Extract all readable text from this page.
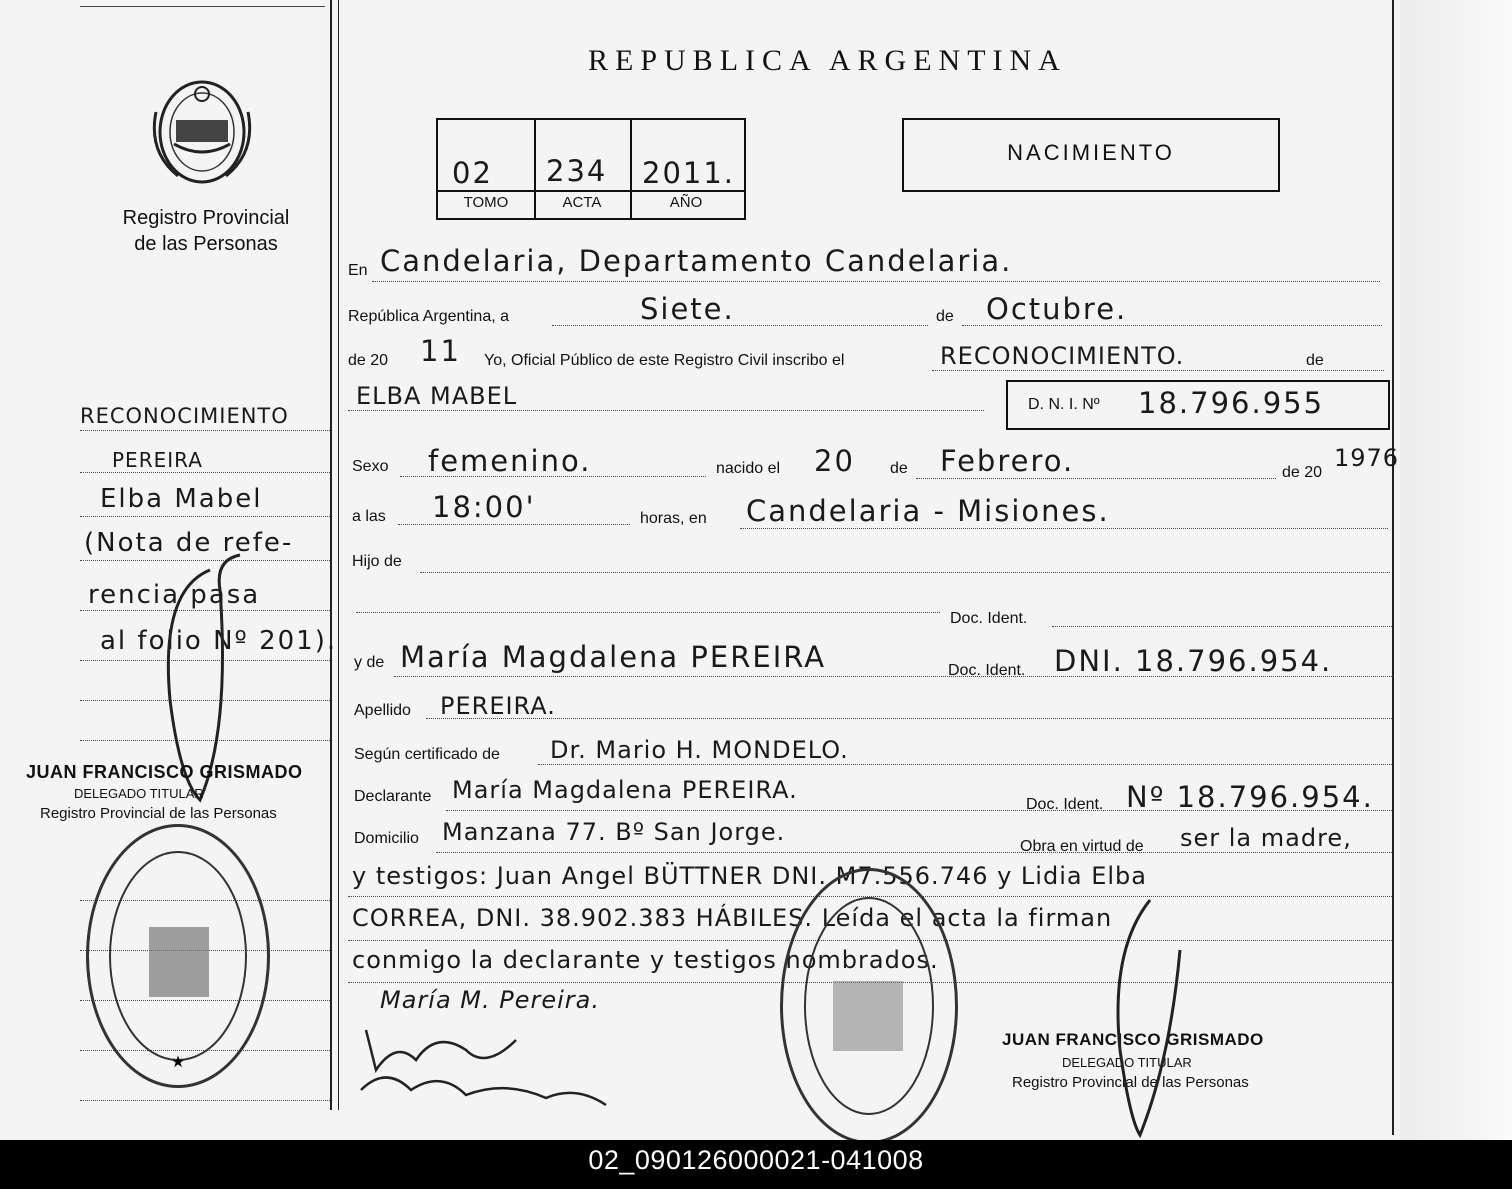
Registro Provincial
de las Personas
REPUBLICA ARGENTINA
02 234 2011.
TOMO	ACTA	AÑO
NACIMIENTO
En Candelaria, Departamento Candelaria.
República Argentina, a	Siete.	de Octubre.
de 20 11 Yo, Oficial Público de este Registro Civil inscribo el	RECONOCIMIENTO.	de
ELBA MABEL	D. N. I. Nº 18.796.955
Sexo femenino.	nacido el 20 de Febrero.	de 20
1976
a las 18:00'	horas, en Candelaria - Misiones.
Hijo de
Doc. Ident.
y de María Magdalena PEREIRA	Doc. Ident. DNI. 18.796.954.
Apellido PEREIRA.
Según certificado de Dr. Mario H. MONDELO.
Declarante María Magdalena PEREIRA.
Doc. Ident. Nº 18.796.954.
Domicilio Manzana 77. Bº San Jorge.
Obra en virtud de ser la madre,
y testigos: Juan Angel BÜTTNER DNI. M7.556.746 y Lidia Elba
CORREA, DNI. 38.902.383 HÁBILES. Leída el acta la firman
conmigo la declarante y testigos nombrados.
María M. Pereira.
RECONOCIMIENTO
PEREIRA
Elba Mabel
(Nota de refe-
rencia pasa
al folio Nº 201).
JUAN FRANCISCO GRISMADO
DELEGADO TITULAR
Registro Provincial de las Personas
★
JUAN FRANCISCO GRISMADO
DELEGADO TITULAR
Registro Provincial de las Personas
02_090126000021-041008
